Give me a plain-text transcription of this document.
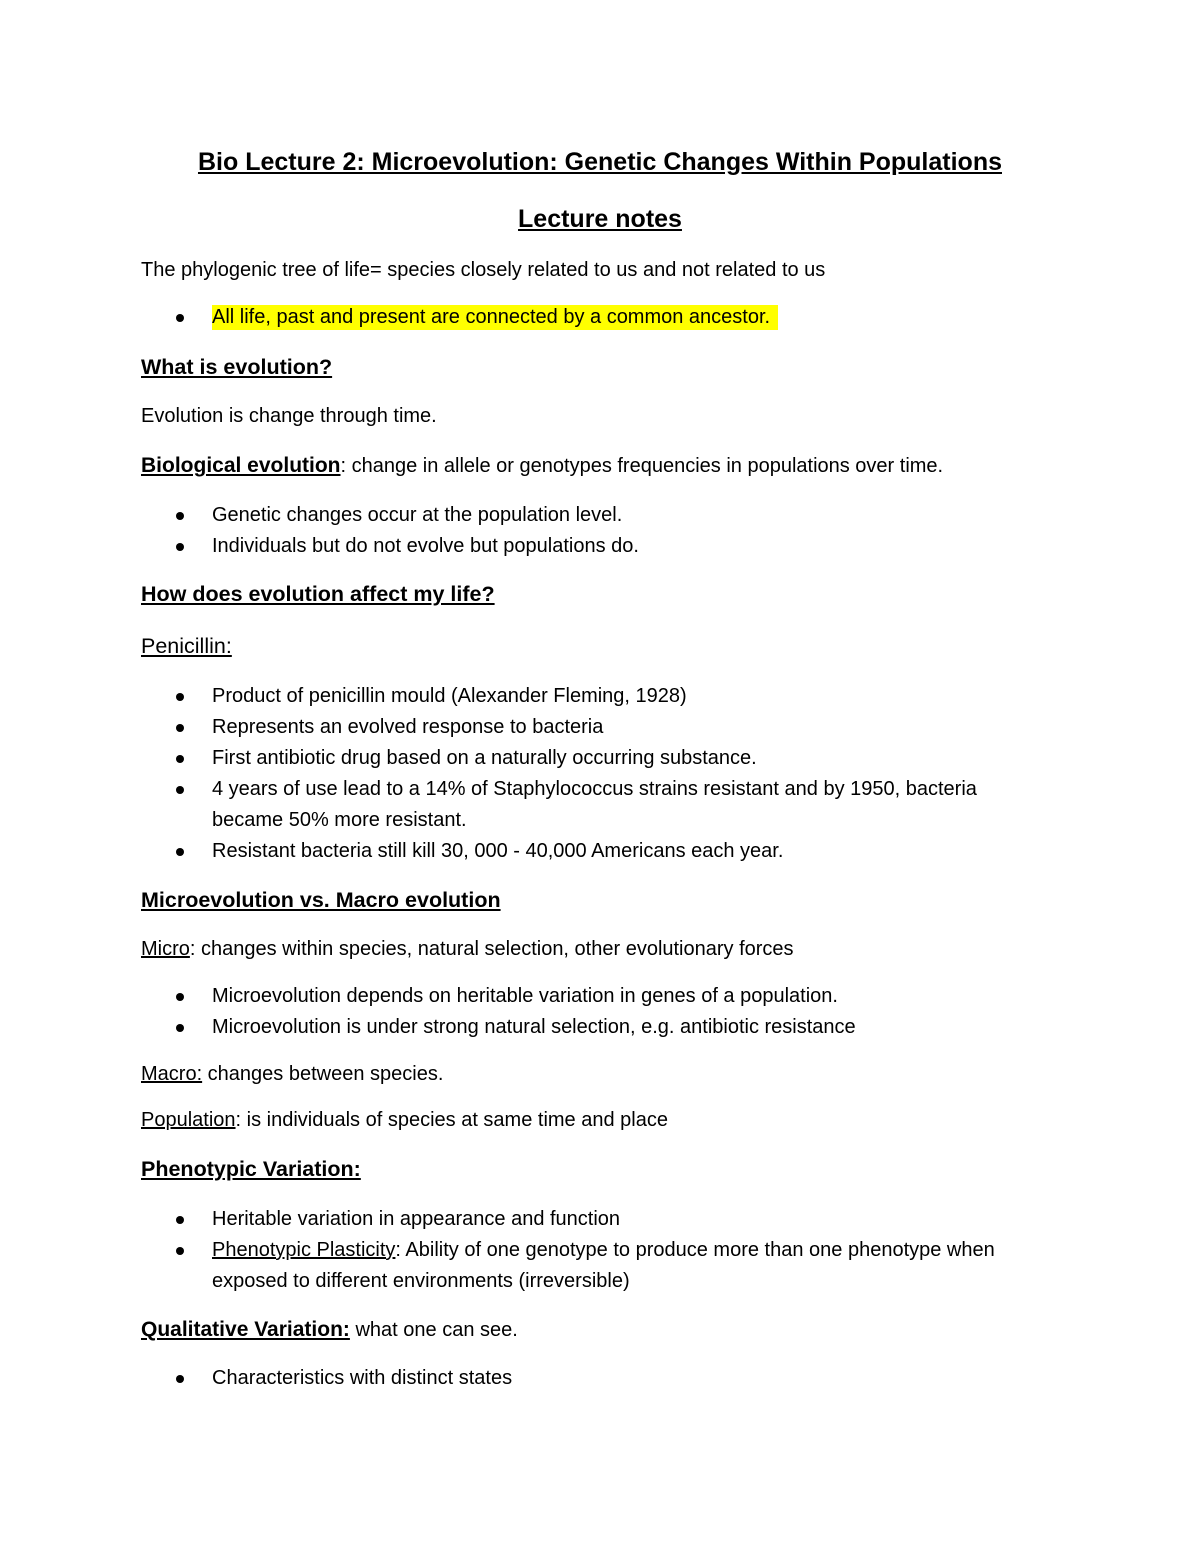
Bio Lecture 2: Microevolution: Genetic Changes Within Populations
Lecture notes
The phylogenic tree of life= species closely related to us and not related to us
All life, past and present are connected by a common ancestor.
What is evolution?
Evolution is change through time.
Biological evolution: change in allele or genotypes frequencies in populations over time.
Genetic changes occur at the population level.
Individuals but do not evolve but populations do.
How does evolution affect my life?
Penicillin:
Product of penicillin mould (Alexander Fleming, 1928)
Represents an evolved response to bacteria
First antibiotic drug based on a naturally occurring substance.
4 years of use lead to a 14% of Staphylococcus strains resistant and by 1950, bacteria became 50% more resistant.
Resistant bacteria still kill 30, 000 - 40,000 Americans each year.
Microevolution vs. Macro evolution
Micro: changes within species, natural selection, other evolutionary forces
Microevolution depends on heritable variation in genes of a population.
Microevolution is under strong natural selection, e.g. antibiotic resistance
Macro: changes between species.
Population: is individuals of species at same time and place
Phenotypic Variation:
Heritable variation in appearance and function
Phenotypic Plasticity: Ability of one genotype to produce more than one phenotype when exposed to different environments (irreversible)
Qualitative Variation: what one can see.
Characteristics with distinct states
